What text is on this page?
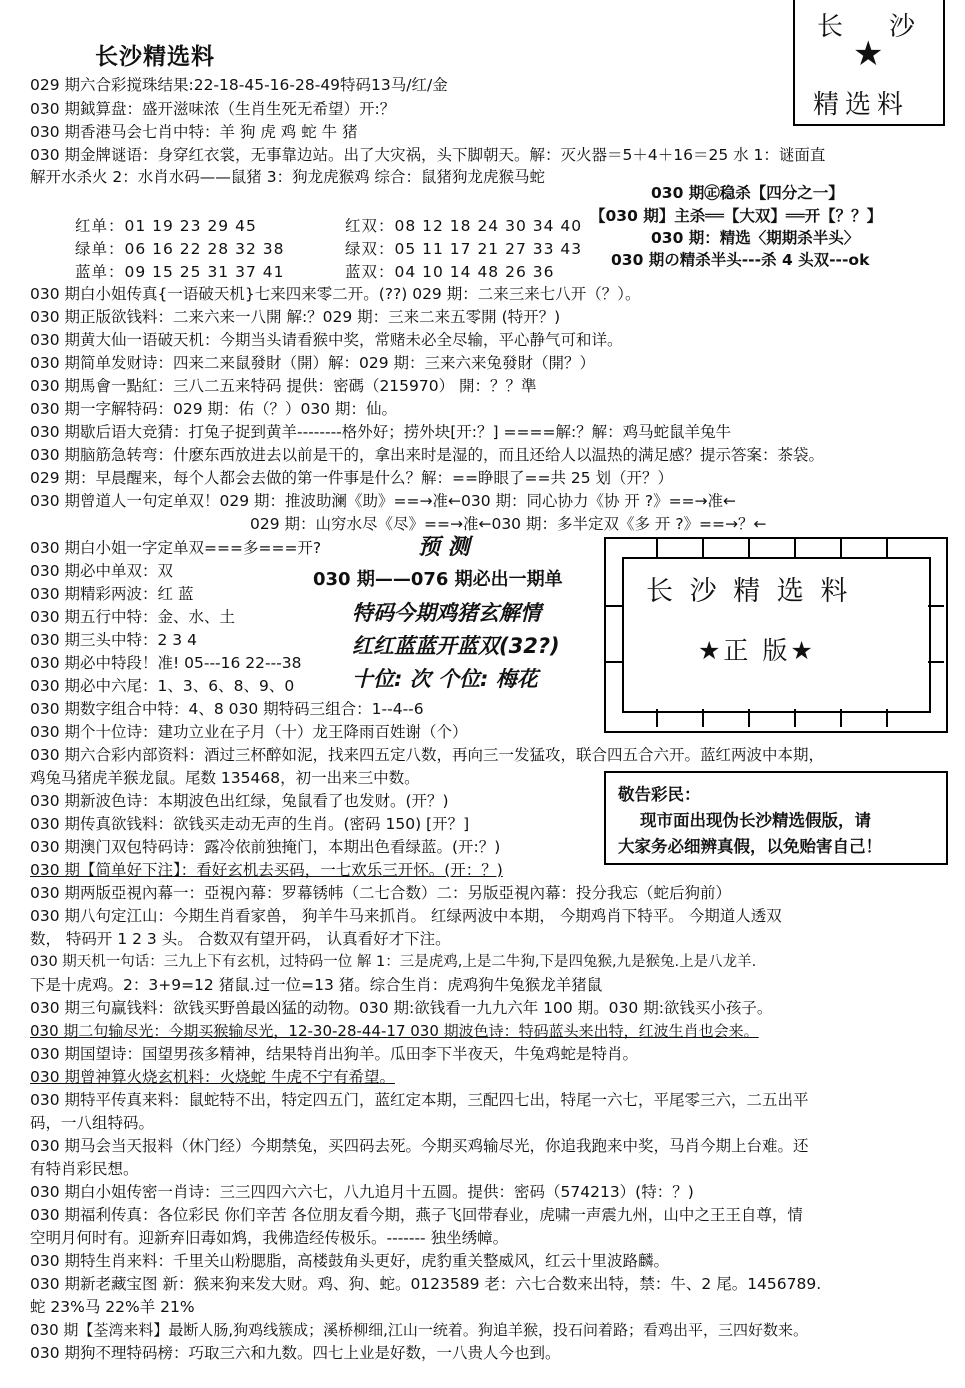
长沙精选料
长 沙
★
精选料
029 期六合彩搅珠结果:22-18-45-16-28-49特码13马/红/金
030 期鉞算盘：盛开滋味浓（生肖生死无希望）开:？
030 期香港马会七肖中特：羊 狗 虎 鸡 蛇 牛 猪
030 期金牌谜语：身穿红衣裳，无事靠边站。出了大灾祸，头下脚朝天。解：灭火器＝5＋4＋16＝25 水 1：谜面直
解开水杀火 2：水肖水码——鼠猪 3：狗龙虎猴鸡 综合：鼠猪狗龙虎猴马蛇
030 期㊣稳杀【四分之一】
【030 期】主杀══【大双】══开【？？】
030 期：精选〈期期杀半头〉
030 期の精杀半头---杀 4 头双---ok
红单：01 19 23 29 45	红双：08 12 18 24 30 34 40
绿单：06 16 22 28 32 38	绿双：05 11 17 21 27 33 43
蓝单：09 15 25 31 37 41	蓝双：04 10 14 48 26 36
030 期白小姐传真{一语破天机}七来四来零二开。(??) 029 期：二来三来七八开（？）。
030 期正版欲钱料：二来六来一八開 解:？029 期：三来二来五零開 (特开？)
030 期黄大仙一语破天机：今期当头请看猴中奖，常赌未必全尽输，平心静气可和详。
030 期简单发财诗：四来二来鼠發財（開）解：029 期：三来六来兔發財（開？）
030 期馬會一點紅：三八二五来特码 提供：密碼（215970） 開：？？準
030 期一字解特码：029 期：佑（？）030 期：仙。
030 期歇后语大竞猜：打兔子捉到黄羊--------格外好；捞外块[开:？] ====解:？解：鸡马蛇鼠羊兔牛
030 期脑筋急转弯：什麽东西放进去以前是干的，拿出来时是湿的，而且还给人以温热的满足感？提示答案：茶袋。
029 期：早晨醒来，每个人都会去做的第一件事是什么？解：==睁眼了==共 25 划（开？）
030 期曾道人一句定单双！029 期：推波助澜《助》==→准←030 期：同心协力《协 开 ?》==→准←
029 期：山穷水尽《尽》==→准←030 期：多半定双《多 开 ?》==→？←
030 期白小姐一字定单双===多===开?
030 期必中单双：双
030 期精彩两波：红 蓝
030 期五行中特：金、水、土
030 期三头中特：2 3 4
030 期必中特段！准! 05---16 22---38
030 期必中六尾：1、3、6、8、9、0
030 期数字组合中特：4、8 030 期特码三组合：1--4--6
030 期个十位诗：建功立业在子月（十）龙王降雨百姓谢（个）
预 测
030 期——076 期必出一期单
特码今期鸡猪玄解情
红红蓝蓝开蓝双(32?)
十位: 次 个位: 梅花
长 沙 精 选 料
★正 版★
030 期六合彩内部资料：酒过三杯醉如泥，找来四五定八数，再向三一发猛攻，联合四五合六开。蓝红两波中本期，
鸡兔马猪虎羊猴龙鼠。尾数 135468，初一出来三中数。
030 期新波色诗：本期波色出红绿，兔鼠看了也发财。(开？)
030 期传真欲钱料：欲钱买走动无声的生肖。(密码 150) [开？]
030 期澳门双包特码诗：露冷依前独掩门，本期出色看绿蓝。(开:？)
030 期【简单好下注】：看好玄机去买码，一七欢乐三开怀。(开：？)
敬告彩民：
现市面出现伪长沙精选假版，请
大家务必细辨真假，以免贻害自己！
030 期两版亞視內幕一：亞視內幕：罗幕锈帏（二七合数）二：另版亞視內幕：投分我忘（蛇后狗前）
030 期八句定江山：今期生肖看家兽， 狗羊牛马来抓肖。 红绿两波中本期， 今期鸡肖下特平。 今期道人透双
数， 特码开 1 2 3 头。 合数双有望开码， 认真看好才下注。
030 期天机一句话：三九上下有玄机，过特码一位 解 1：三是虎鸡,上是二牛狗,下是四兔猴,九是猴兔.上是八龙羊.
下是十虎鸡。2：3+9=12 猪鼠.过一位=13 猪。综合生肖：虎鸡狗牛兔猴龙羊猪鼠
030 期三句赢钱料：欲钱买野兽最凶猛的动物。030 期:欲钱看一九九六年 100 期。030 期:欲钱买小孩子。
030 期二句输尽光：今期买猴输尽光，12-30-28-44-17 030 期波色诗：特码蓝头来出特，红波生肖也会来。
030 期国望诗：国望男孩多精神，结果特肖出狗羊。瓜田李下半夜天，牛兔鸡蛇是特肖。
030 期曾神算火烧玄机料：火烧蛇 牛虎不宁有希望。
030 期特平传真来料：鼠蛇特不出，特定四五门，蓝红定本期，三配四七出，特尾一六七，平尾零三六，二五出平
码，一八组特码。
030 期马会当天报料（休门经）今期禁兔，买四码去死。今期买鸡输尽光，你追我跑来中奖，马肖今期上台难。还
有特肖彩民想。
030 期白小姐传密一肖诗：三三四四六六七，八九追月十五圆。提供：密码（574213）(特：？)
030 期福利传真：各位彩民 你们辛苦 各位朋友看今期，燕子飞回带春业，虎啸一声震九州，山中之王王自尊，情
空明月何时有。迎新弃旧毒如鸩，我佛造经传极乐。------- 独坐绣幛。
030 期特生肖来料：千里关山粉腮脂，高楼鼓角头更好，虎豹重关整威风，红云十里波路麟。
030 期新老藏宝图 新：猴来狗来发大财。鸡、狗、蛇。0123589 老：六七合数来出特，禁：牛、2 尾。1456789.
蛇 23%马 22%羊 21%
030 期【荃湾来料】最断人肠,狗鸡线簇成；溪桥柳细,江山一统着。狗追羊猴，投石问着路；看鸡出平，三四好数来。
030 期狗不理特码榜：巧取三六和九数。四七上业是好数，一八贵人今也到。
